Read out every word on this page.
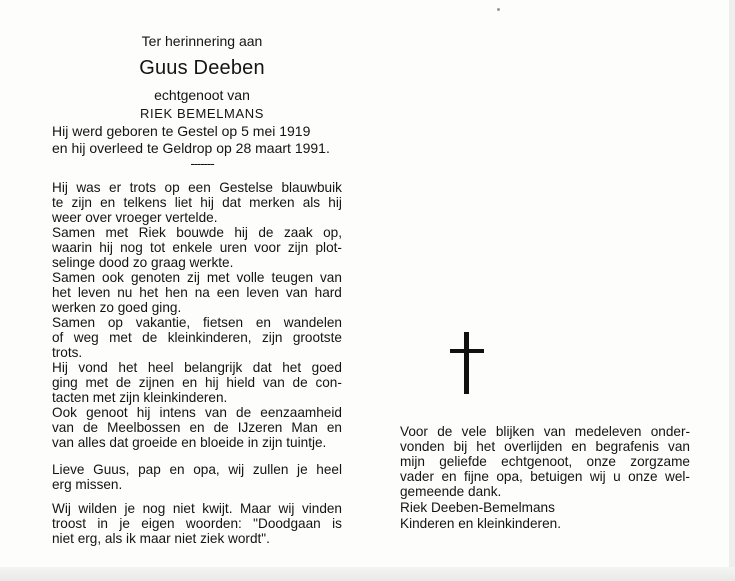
Ter herinnering aan
Guus Deeben
echtgenoot van
RIEK BEMELMANS
Hij werd geboren te Gestel op 5 mei 1919
en hij overleed te Geldrop op 28 maart 1991.
-------
Hij was er trots op een Gestelse blauwbuik
te zijn en telkens liet hij dat merken als hij
weer over vroeger vertelde.
Samen met Riek bouwde hij de zaak op,
waarin hij nog tot enkele uren voor zijn plot-
selinge dood zo graag werkte.
Samen ook genoten zij met volle teugen van
het leven nu het hen na een leven van hard
werken zo goed ging.
Samen op vakantie, fietsen en wandelen
of weg met de kleinkinderen, zijn grootste
trots.
Hij vond het heel belangrijk dat het goed
ging met de zijnen en hij hield van de con-
tacten met zijn kleinkinderen.
Ook genoot hij intens van de eenzaamheid
van de Meelbossen en de IJzeren Man en
van alles dat groeide en bloeide in zijn tuintje.
Lieve Guus, pap en opa, wij zullen je heel
erg missen.
Wij wilden je nog niet kwijt. Maar wij vinden
troost in je eigen woorden: "Doodgaan is
niet erg, als ik maar niet ziek wordt".
Voor de vele blijken van medeleven onder-
vonden bij het overlijden en begrafenis van
mijn geliefde echtgenoot, onze zorgzame
vader en fijne opa, betuigen wij u onze wel-
gemeende dank.
Riek Deeben-Bemelmans
Kinderen en kleinkinderen.
